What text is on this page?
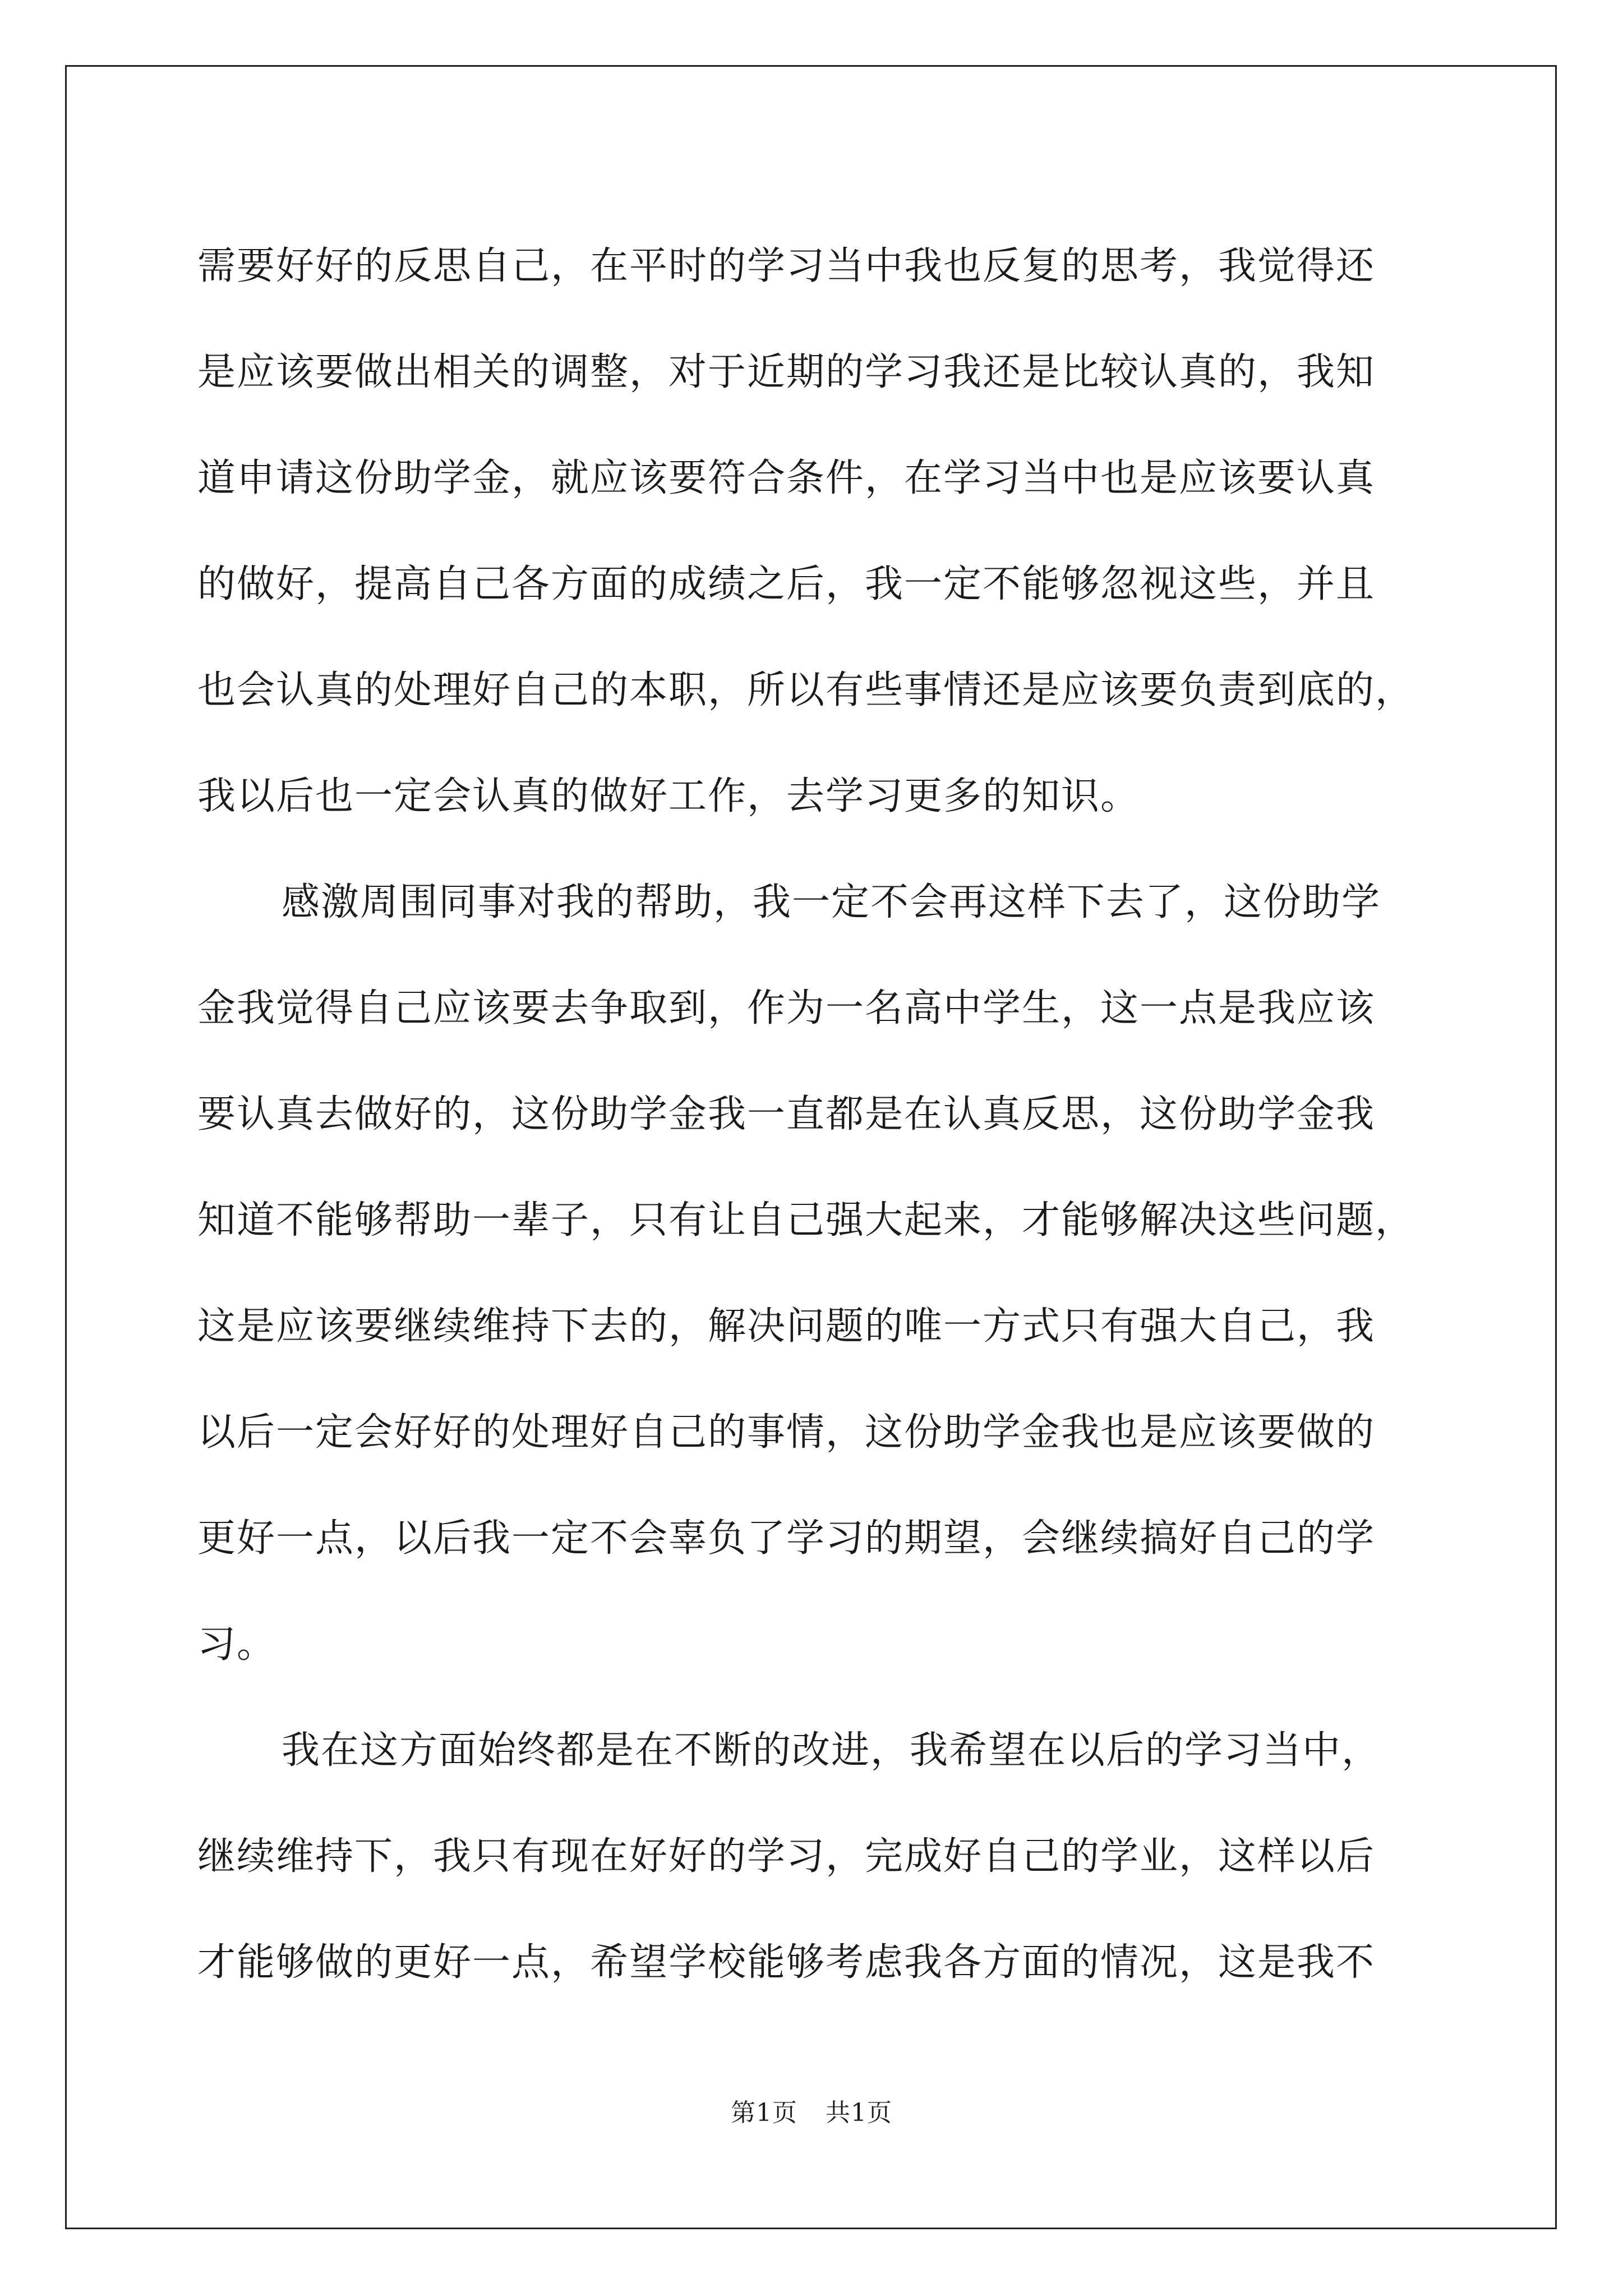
需要好好的反思自己，在平时的学习当中我也反复的思考，我觉得还
是应该要做出相关的调整，对于近期的学习我还是比较认真的，我知
道申请这份助学金，就应该要符合条件，在学习当中也是应该要认真
的做好，提高自己各方面的成绩之后，我一定不能够忽视这些，并且
也会认真的处理好自己的本职，所以有些事情还是应该要负责到底的，
我以后也一定会认真的做好工作，去学习更多的知识。
感激周围同事对我的帮助，我一定不会再这样下去了，这份助学
金我觉得自己应该要去争取到，作为一名高中学生，这一点是我应该
要认真去做好的，这份助学金我一直都是在认真反思，这份助学金我
知道不能够帮助一辈子，只有让自己强大起来，才能够解决这些问题，
这是应该要继续维持下去的，解决问题的唯一方式只有强大自己，我
以后一定会好好的处理好自己的事情，这份助学金我也是应该要做的
更好一点，以后我一定不会辜负了学习的期望，会继续搞好自己的学
习。
我在这方面始终都是在不断的改进，我希望在以后的学习当中，
继续维持下，我只有现在好好的学习，完成好自己的学业，这样以后
才能够做的更好一点，希望学校能够考虑我各方面的情况，这是我不
第1页 共1页
